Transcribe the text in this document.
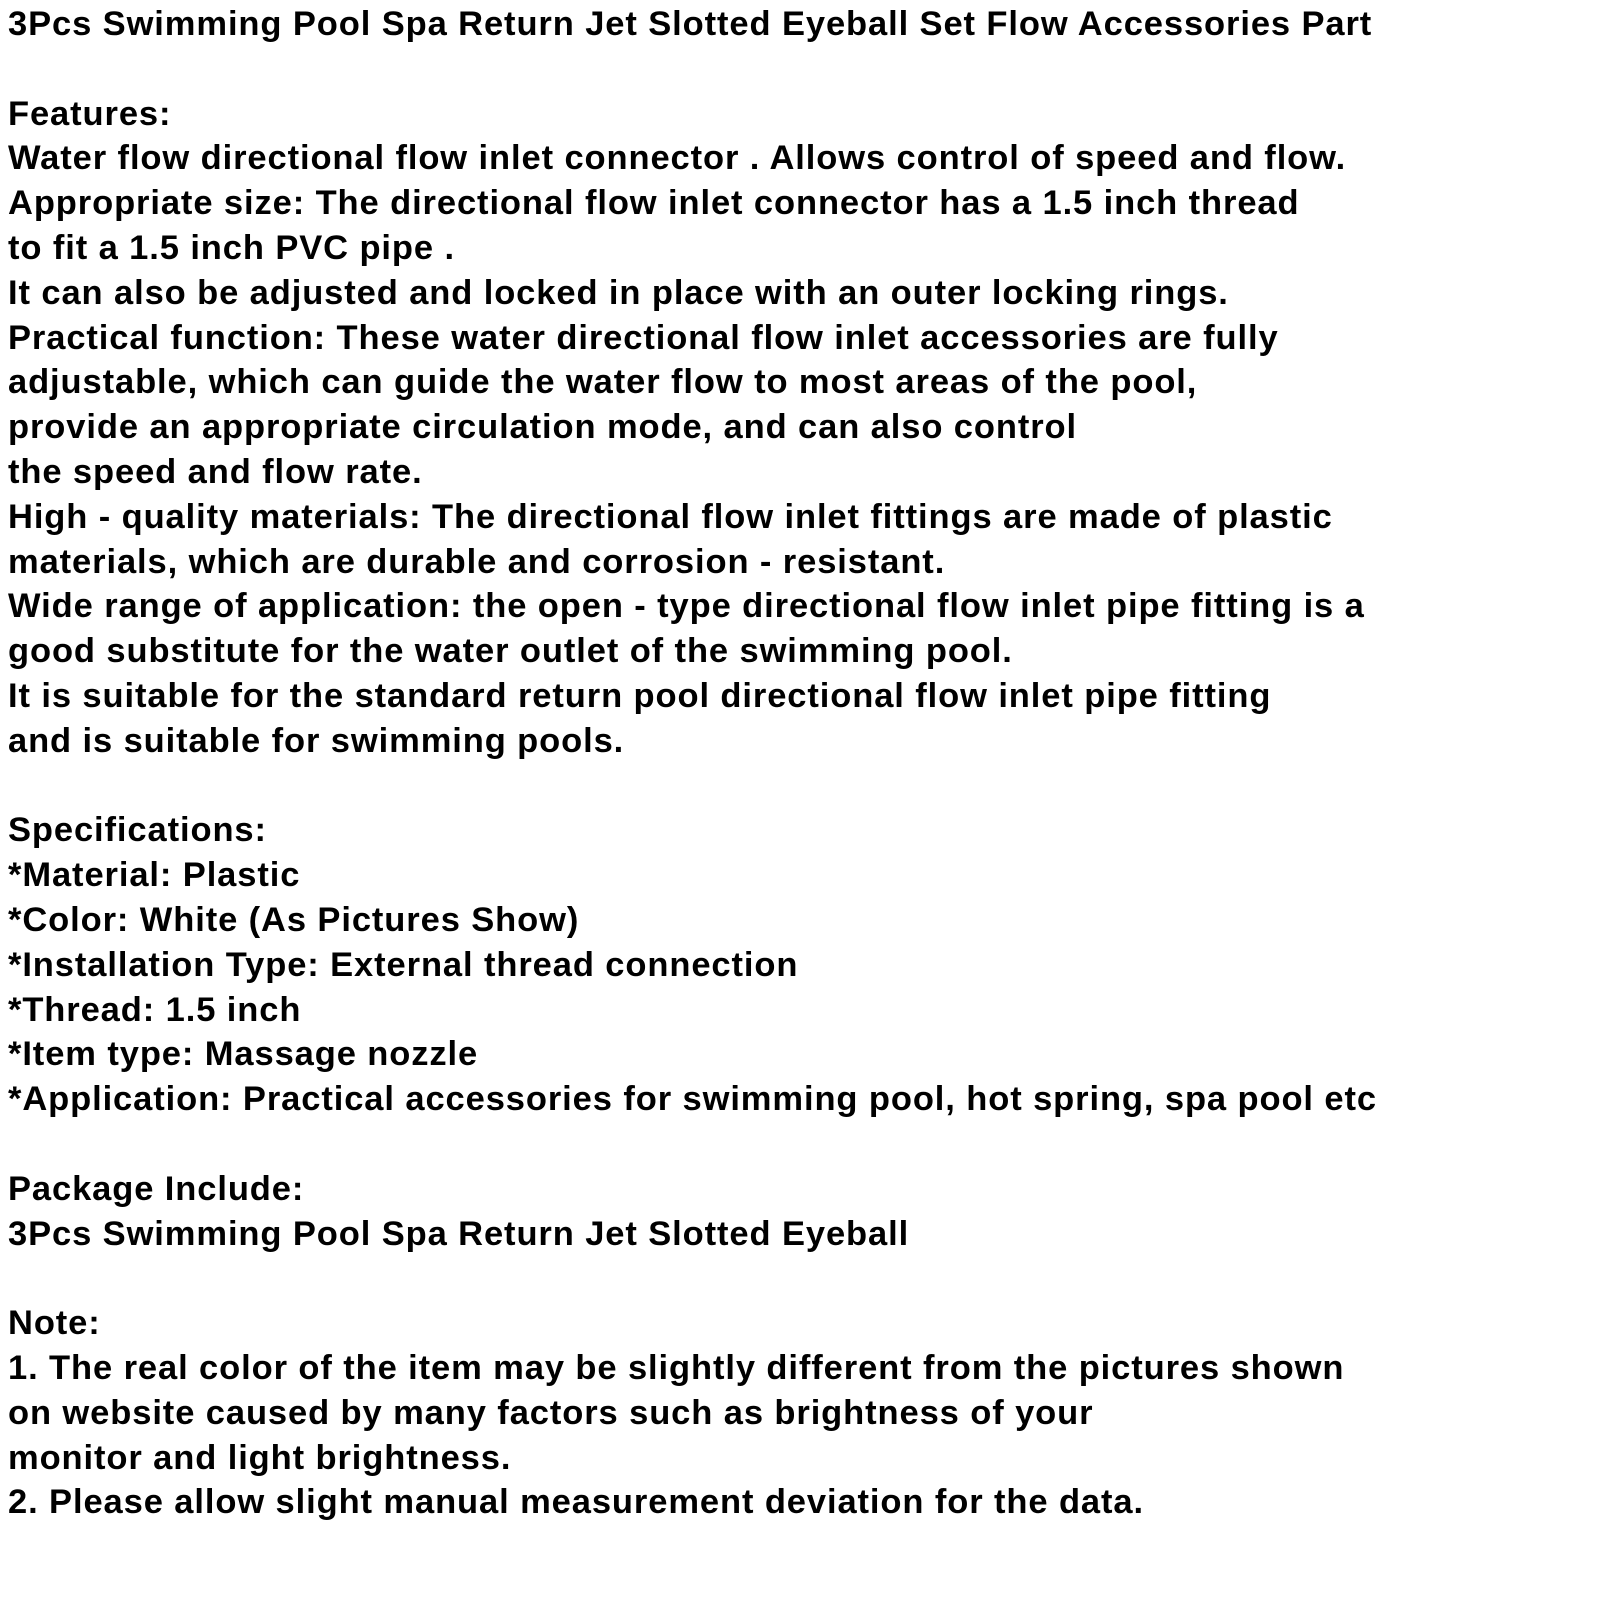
3Pcs Swimming Pool Spa Return Jet Slotted Eyeball Set Flow Accessories Part
Features:
Water flow directional flow inlet connector . Allows control of speed and flow.
Appropriate size: The directional flow inlet connector has a 1.5 inch thread
to fit a 1.5 inch PVC pipe .
It can also be adjusted and locked in place with an outer locking rings.
Practical function: These water directional flow inlet accessories are fully
adjustable, which can guide the water flow to most areas of the pool,
provide an appropriate circulation mode, and can also control
the speed and flow rate.
High - quality materials: The directional flow inlet fittings are made of plastic
materials, which are durable and corrosion - resistant.
Wide range of application: the open - type directional flow inlet pipe fitting is a
good substitute for the water outlet of the swimming pool.
It is suitable for the standard return pool directional flow inlet pipe fitting
and is suitable for swimming pools.
Specifications:
*Material: Plastic
*Color: White (As Pictures Show)
*Installation Type: External thread connection
*Thread: 1.5 inch
*Item type: Massage nozzle
*Application: Practical accessories for swimming pool, hot spring, spa pool etc
Package Include:
3Pcs Swimming Pool Spa Return Jet Slotted Eyeball
Note:
1. The real color of the item may be slightly different from the pictures shown
on website caused by many factors such as brightness of your
monitor and light brightness.
2. Please allow slight manual measurement deviation for the data.
